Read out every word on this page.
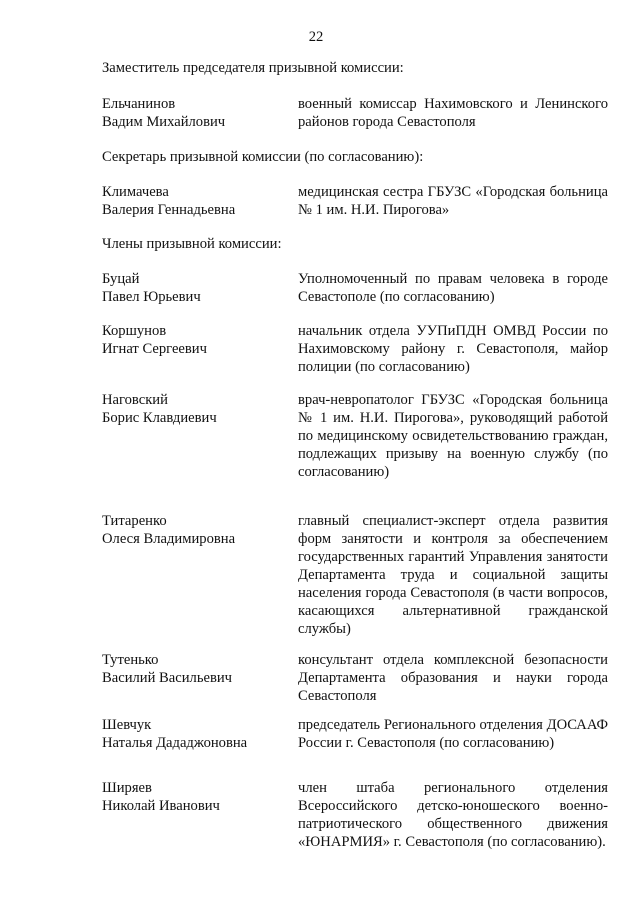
22
Заместитель председателя призывной комиссии:
Ельчанинов
Вадим Михайлович
военный комиссар Нахимовского и Ленинского районов города Севастополя
Секретарь призывной комиссии (по согласованию):
Климачева
Валерия Геннадьевна
медицинская сестра ГБУЗС «Городская больница № 1 им. Н.И. Пирогова»
Члены призывной комиссии:
Буцай
Павел Юрьевич
Уполномоченный по правам человека в городе Севастополе (по согласованию)
Коршунов
Игнат Сергеевич
начальник отдела УУПиПДН ОМВД России по Нахимовскому району г. Севастополя, майор полиции (по согласованию)
Наговский
Борис Клавдиевич
врач-невропатолог ГБУЗС «Городская больница № 1 им. Н.И. Пирогова», руководящий работой по медицинскому освидетельствованию граждан, подлежащих призыву на военную службу (по согласованию)
Титаренко
Олеся Владимировна
главный специалист-эксперт отдела развития форм занятости и контроля за обеспечением государственных гарантий Управления занятости Департамента труда и социальной защиты населения города Севастополя (в части вопросов, касающихся альтернативной гражданской службы)
Тутенько
Василий Васильевич
консультант отдела комплексной безопасности Департамента образования и науки города Севастополя
Шевчук
Наталья Дададжоновна
председатель Регионального отделения ДОСААФ России г. Севастополя (по согласованию)
Ширяев
Николай Иванович
член штаба регионального отделения Всероссийского детско-юношеского военно-патриотического общественного движения «ЮНАРМИЯ» г. Севастополя (по согласованию).
